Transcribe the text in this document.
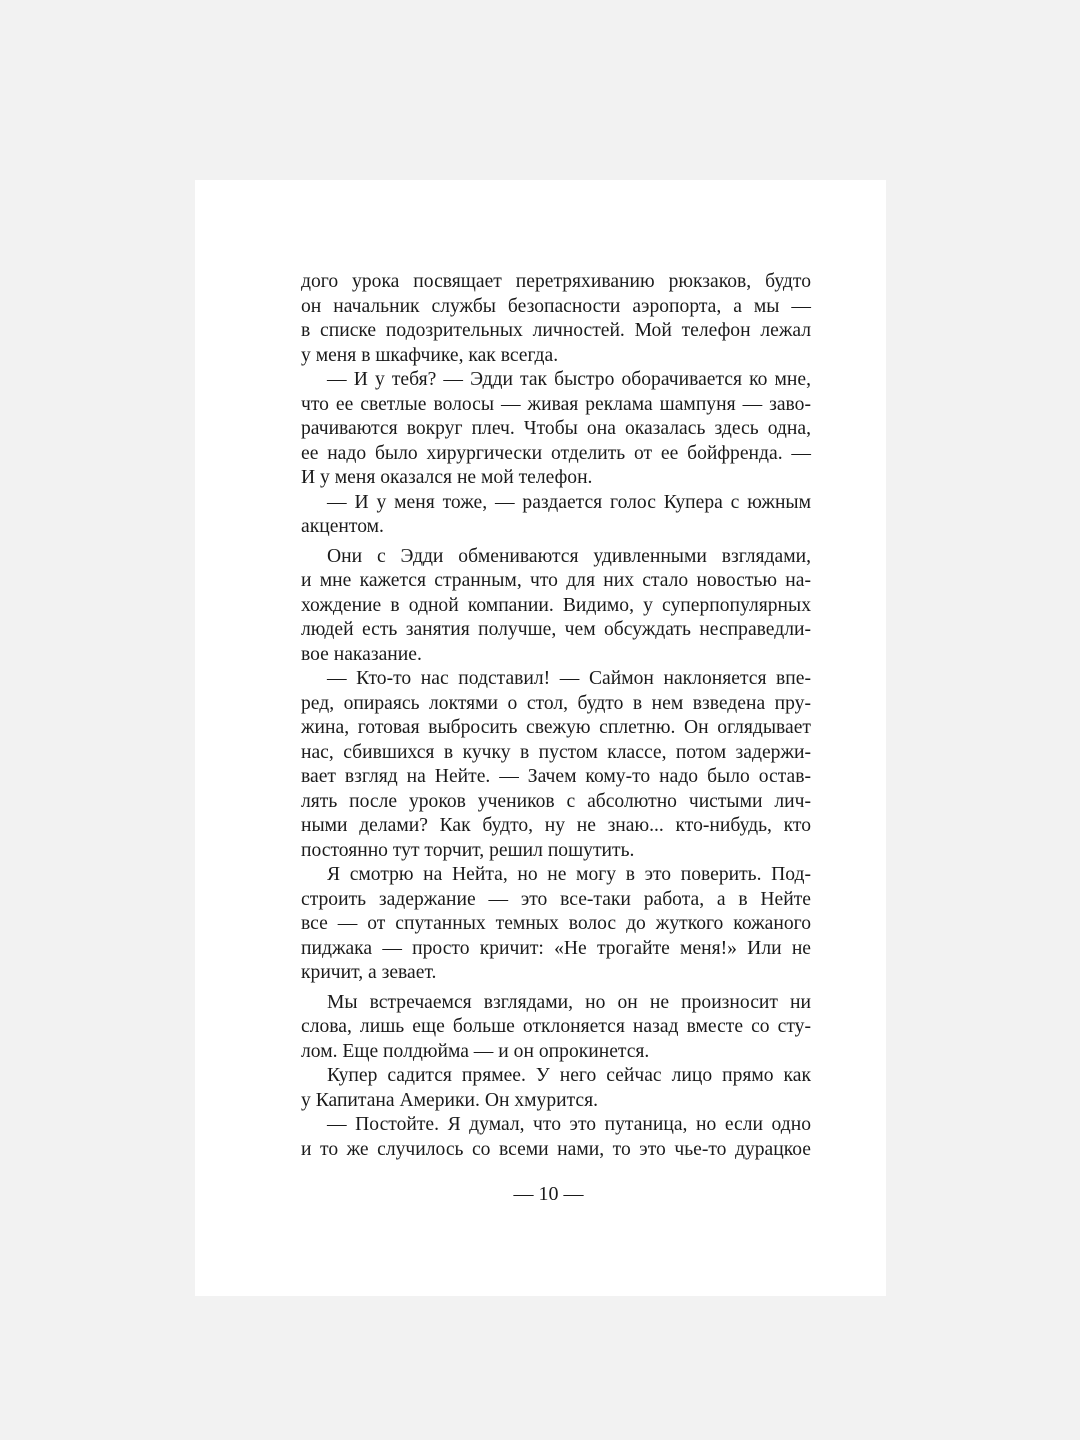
дого урока посвящает перетряхиванию рюкзаков, будто
он начальник службы безопасности аэропорта, а мы —
в списке подозрительных личностей. Мой телефон лежал
у меня в шкафчике, как всегда.
— И у тебя? — Эдди так быстро оборачивается ко мне,
что ее светлые волосы — живая реклама шампуня — заво-
рачиваются вокруг плеч. Чтобы она оказалась здесь одна,
ее надо было хирургически отделить от ее бойфренда. —
И у меня оказался не мой телефон.
— И у меня тоже, — раздается голос Купера с южным
акцентом.
Они с Эдди обмениваются удивленными взглядами,
и мне кажется странным, что для них стало новостью на-
хождение в одной компании. Видимо, у суперпопулярных
людей есть занятия получше, чем обсуждать несправедли-
вое наказание.
— Кто-то нас подставил! — Саймон наклоняется впе-
ред, опираясь локтями о стол, будто в нем взведена пру-
жина, готовая выбросить свежую сплетню. Он оглядывает
нас, сбившихся в кучку в пустом классе, потом задержи-
вает взгляд на Нейте. — Зачем кому-то надо было остав-
лять после уроков учеников с абсолютно чистыми лич-
ными делами? Как будто, ну не знаю... кто-нибудь, кто
постоянно тут торчит, решил пошутить.
Я смотрю на Нейта, но не могу в это поверить. Под-
строить задержание — это все-таки работа, а в Нейте
все — от спутанных темных волос до жуткого кожаного
пиджака — просто кричит: «Не трогайте меня!» Или не
кричит, а зевает.
Мы встречаемся взглядами, но он не произносит ни
слова, лишь еще больше отклоняется назад вместе со сту-
лом. Еще полдюйма — и он опрокинется.
Купер садится прямее. У него сейчас лицо прямо как
у Капитана Америки. Он хмурится.
— Постойте. Я думал, что это путаница, но если одно
и то же случилось со всеми нами, то это чье-то дурацкое
— 10 —
